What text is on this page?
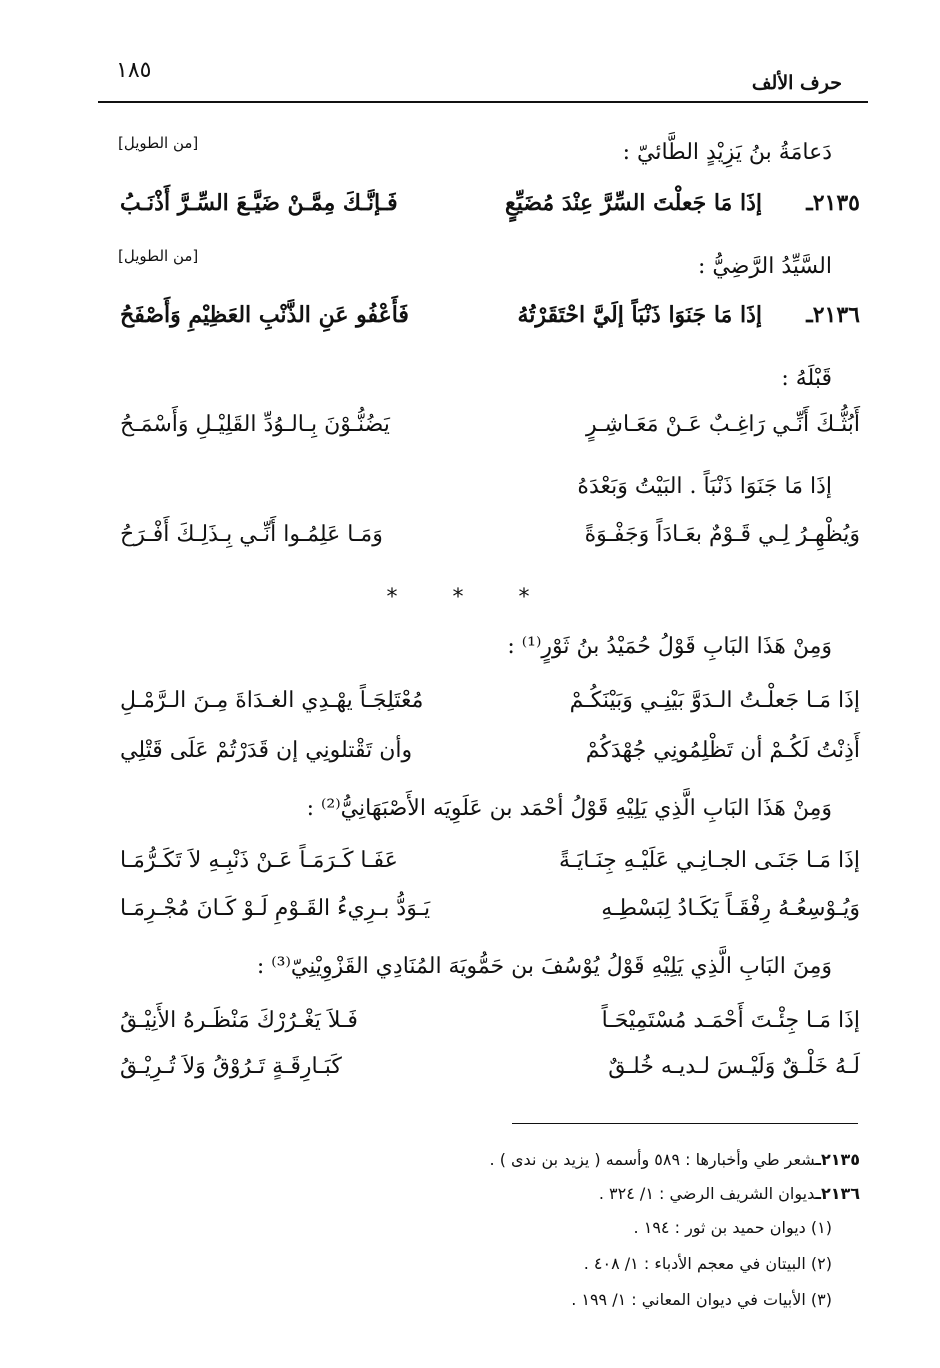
حرف الألف
١٨٥
دَعامَةُ بنُ يَزِيْدٍ الطَّائيّ :
[من الطويل]
٢١٣٥ـ
إذَا مَا جَعلْتَ السِّرَّ عِنْدَ مُضَيِّعٍ
فَـإنَّـكَ مِمَّـنْ ضَيَّـعَ السِّـرَّ أَذْنَـبُ
السَّيِّدُ الرَّضِيُّ :
[من الطويل]
٢١٣٦ـ
إذَا مَا جَنَوَا ذَنْبَاً إلَيَّ احْتَقَرْتُهُ
فَأَعْفُو عَنِ الذَّنْبِ العَظِيْمِ وَأَصْفَحُ
قَبْلَهُ :
أَبُثُّـكَ أَنِّـي رَاغِـبٌ عَـنْ مَعَـاشِـرٍ
يَضُنُّـوْنَ بِـالـوُدِّ القَلِيْـلِ وَأَسْمَـحُ
إذَا مَا جَنَوَا ذَنْبَاً . البَيْتُ وَبَعْدَهُ
وَيُظْهِـرُ لِـي قَـوْمٌ بعَـادَاً وَجَفْـوَةً
وَمَـا عَلِمُـوا أَنِّـي بِـذَلِـكَ أَفْـرَحُ
* * *
وَمِنْ هَذَا البَابِ قَوْلُ حُمَيْدُ بنُ ثَوْرٍ⁽¹⁾ :
إذَا مَـا جَعلْـتُ الـدَوَّ بَيْنِـي وَبَيْنَكُـمْ
مُعْتَلِجَـاً يهْـدِي الغـدَاةَ مِـنَ الـرَّمْـلِ
أَذِنْتُ لَكُـمْ أن تَظْلِمُونِي جُهْدَكُمْ
وأن تَقْتلونِي إن قَدَرْتُمْ عَلَى قَتْلِي
وَمِنْ هَذَا البَابِ الَّذِي يَلِيْهِ قَوْلُ أحْمَد بن عَلَوِيَه الأَصْبَهَانِيُّ⁽²⁾ :
إذَا مَـا جَنَـى الجـانِـي عَلَيْـهِ جِنَـايَـةً
عَفَـا كَـرَمَـاً عَـنْ ذَنْبِـهِ لاَ تَكَـرُّمَـا
وَيُـوْسِعُـهُ رِفْقَـاً يَكَـادُ لِبَسْطِـهِ
يَـوَدُّ بـرِيءُ القَـوْمِ لَـوْ كَـانَ مُجْـرِمَـا
وَمِنَ البَابِ الَّذِي يَلِيْهِ قَوْلُ يُوْسُفَ بن حَمُّويَهَ المُنَادِي القَزْوِيْنِيّ⁽³⁾ :
إذَا مَـا جِئْـتَ أَحْمَـد مُسْتَمِيْحَـاً
فَـلاَ يَغْـرُرْكَ مَنْظَـرهُ الأَنِيْـقُ
لَـهُ خَلْـقٌ وَلَيْـسَ لـديـه خُلـقٌ
كَبَـارِقَـةٍ تَـرُوْقُ وَلاَ تُـرِيْـقُ
٢١٣٥ـشعر طي وأخبارها : ٥٨٩ وأسمه ( يزيد بن ندى ) .
٢١٣٦ـديوان الشريف الرضي : ١/ ٣٢٤ .
(١) ديوان حميد بن ثور : ١٩٤ .
(٢) البيتان في معجم الأدباء : ١/ ٤٠٨ .
(٣) الأبيات في ديوان المعاني : ١/ ١٩٩ .
